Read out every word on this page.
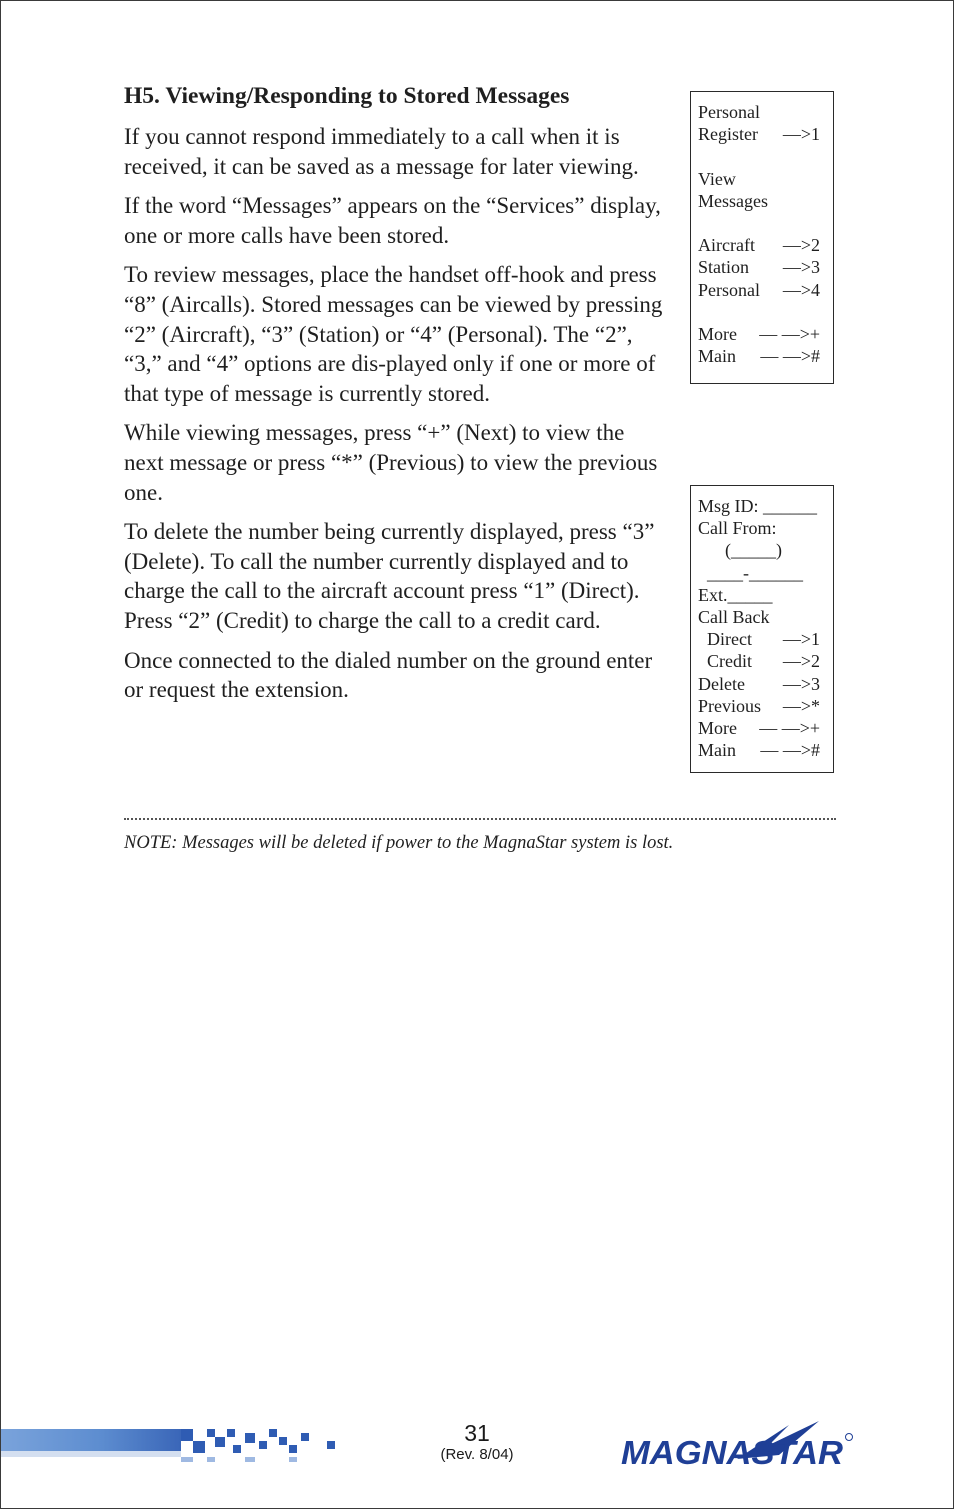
H5. Viewing/Responding to Stored Messages

If you cannot respond immediately to a call when it is received, it can be saved as a message for later viewing.

If the word “Messages” appears on the “Services” display, one or more calls have been stored.

To review messages, place the handset off-hook and press “8” (Aircalls). Stored messages can be viewed by pressing “2” (Aircraft), “3” (Station) or “4” (Personal). The “2”, “3,” and “4” options are dis-played only if one or more of that type of message is currently stored.

While viewing messages, press “+” (Next) to view the next message or press “*” (Previous) to view the previous one.

To delete the number being currently displayed, press “3” (Delete). To call the number currently displayed and to charge the call to the aircraft account press “1” (Direct). Press “2” (Credit) to charge the call to a credit card.

Once connected to the dialed number on the ground enter or request the extension.

Personal
Register —>1
View
Messages
Aircraft —>2
Station —>3
Personal —>4
More — —>+
Main — —>#
Msg ID: ______
Call From:
(_____)
____-______
Ext._____
Call Back
Direct —>1
Credit —>2
Delete —>3
Previous —>*
More — —>+
Main — —>#
NOTE: Messages will be deleted if power to the MagnaStar system is lost.
31
(Rev. 8/04)	MAGNASTAR
